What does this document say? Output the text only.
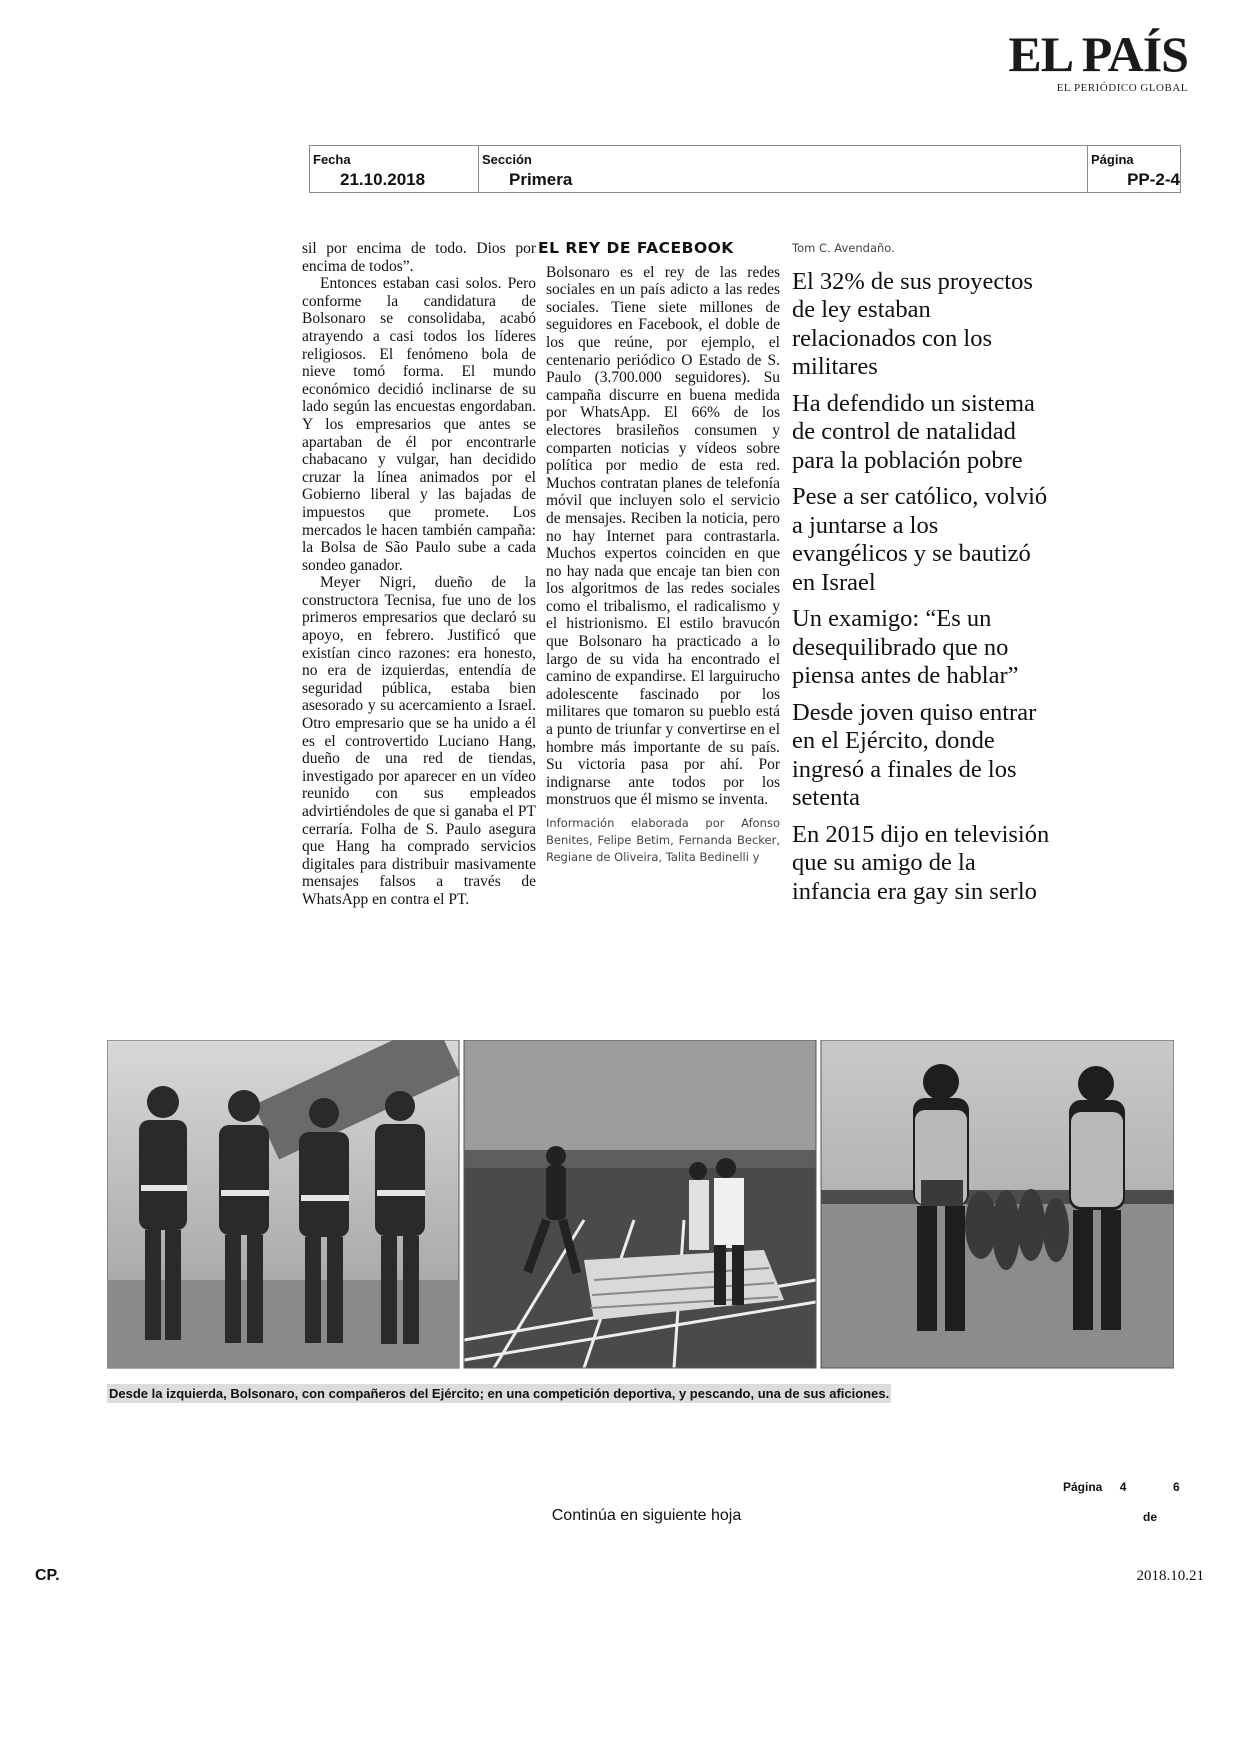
EL PAÍS
EL PERIÓDICO GLOBAL
Fecha
21.10.2018
Sección
Primera
Página
PP-2-4

sil por encima de todo. Dios por encima de todos”.

Entonces estaban casi solos. Pero conforme la candidatura de Bolsonaro se consolidaba, acabó atrayendo a casi todos los líderes religiosos. El fenómeno bola de nieve tomó forma. El mundo económico decidió inclinarse de su lado según las encuestas engordaban. Y los empresarios que antes se apartaban de él por encontrarle chabacano y vulgar, han decidido cruzar la línea animados por el Gobierno liberal y las bajadas de impuestos que promete. Los mercados le hacen también campaña: la Bolsa de São Paulo sube a cada sondeo ganador.

Meyer Nigri, dueño de la constructora Tecnisa, fue uno de los primeros empresarios que declaró su apoyo, en febrero. Justificó que existían cinco razones: era honesto, no era de izquierdas, entendía de seguridad pública, estaba bien asesorado y su acercamiento a Israel. Otro empresario que se ha unido a él es el controvertido Luciano Hang, dueño de una red de tiendas, investigado por aparecer en un vídeo reunido con sus empleados advirtiéndoles de que si ganaba el PT cerraría. Folha de S. Paulo asegura que Hang ha comprado servicios digitales para distribuir masivamente mensajes falsos a través de WhatsApp en contra el PT.

EL REY DE FACEBOOK

Bolsonaro es el rey de las redes sociales en un país adicto a las redes sociales. Tiene siete millones de seguidores en Facebook, el doble de los que reúne, por ejemplo, el centenario periódico O Estado de S. Paulo (3.700.000 seguidores). Su campaña discurre en buena medida por WhatsApp. El 66% de los electores brasileños consumen y comparten noticias y vídeos sobre política por medio de esta red. Muchos contratan planes de telefonía móvil que incluyen solo el servicio de mensajes. Reciben la noticia, pero no hay Internet para contrastarla. Muchos expertos coinciden en que no hay nada que encaje tan bien con los algoritmos de las redes sociales como el tribalismo, el radicalismo y el histrionismo. El estilo bravucón que Bolsonaro ha practicado a lo largo de su vida ha encontrado el camino de expandirse. El larguirucho adolescente fascinado por los militares que tomaron su pueblo está a punto de triunfar y convertirse en el hombre más importante de su país. Su victoria pasa por ahí. Por indignarse ante todos por los monstruos que él mismo se inventa.

Información elaborada por Afonso Benites, Felipe Betim, Fernanda Becker, Regiane de Oliveira, Talita Bedinelli y
Tom C. Avendaño.
El 32% de sus proyectos de ley estaban relacionados con los militares
Ha defendido un sistema de control de natalidad para la población pobre
Pese a ser católico, volvió a juntarse a los evangélicos y se bautizó en Israel
Un examigo: “Es un desequilibrado que no piensa antes de hablar”
Desde joven quiso entrar en el Ejército, donde ingresó a finales de los setenta
En 2015 dijo en televisión que su amigo de la infancia era gay sin serlo
Desde la izquierda, Bolsonaro, con compañeros del Ejército; en una competición deportiva, y pescando, una de sus aficiones.
Página 4	6
de
Continúa en siguiente hoja
CP.	2018.10.21
